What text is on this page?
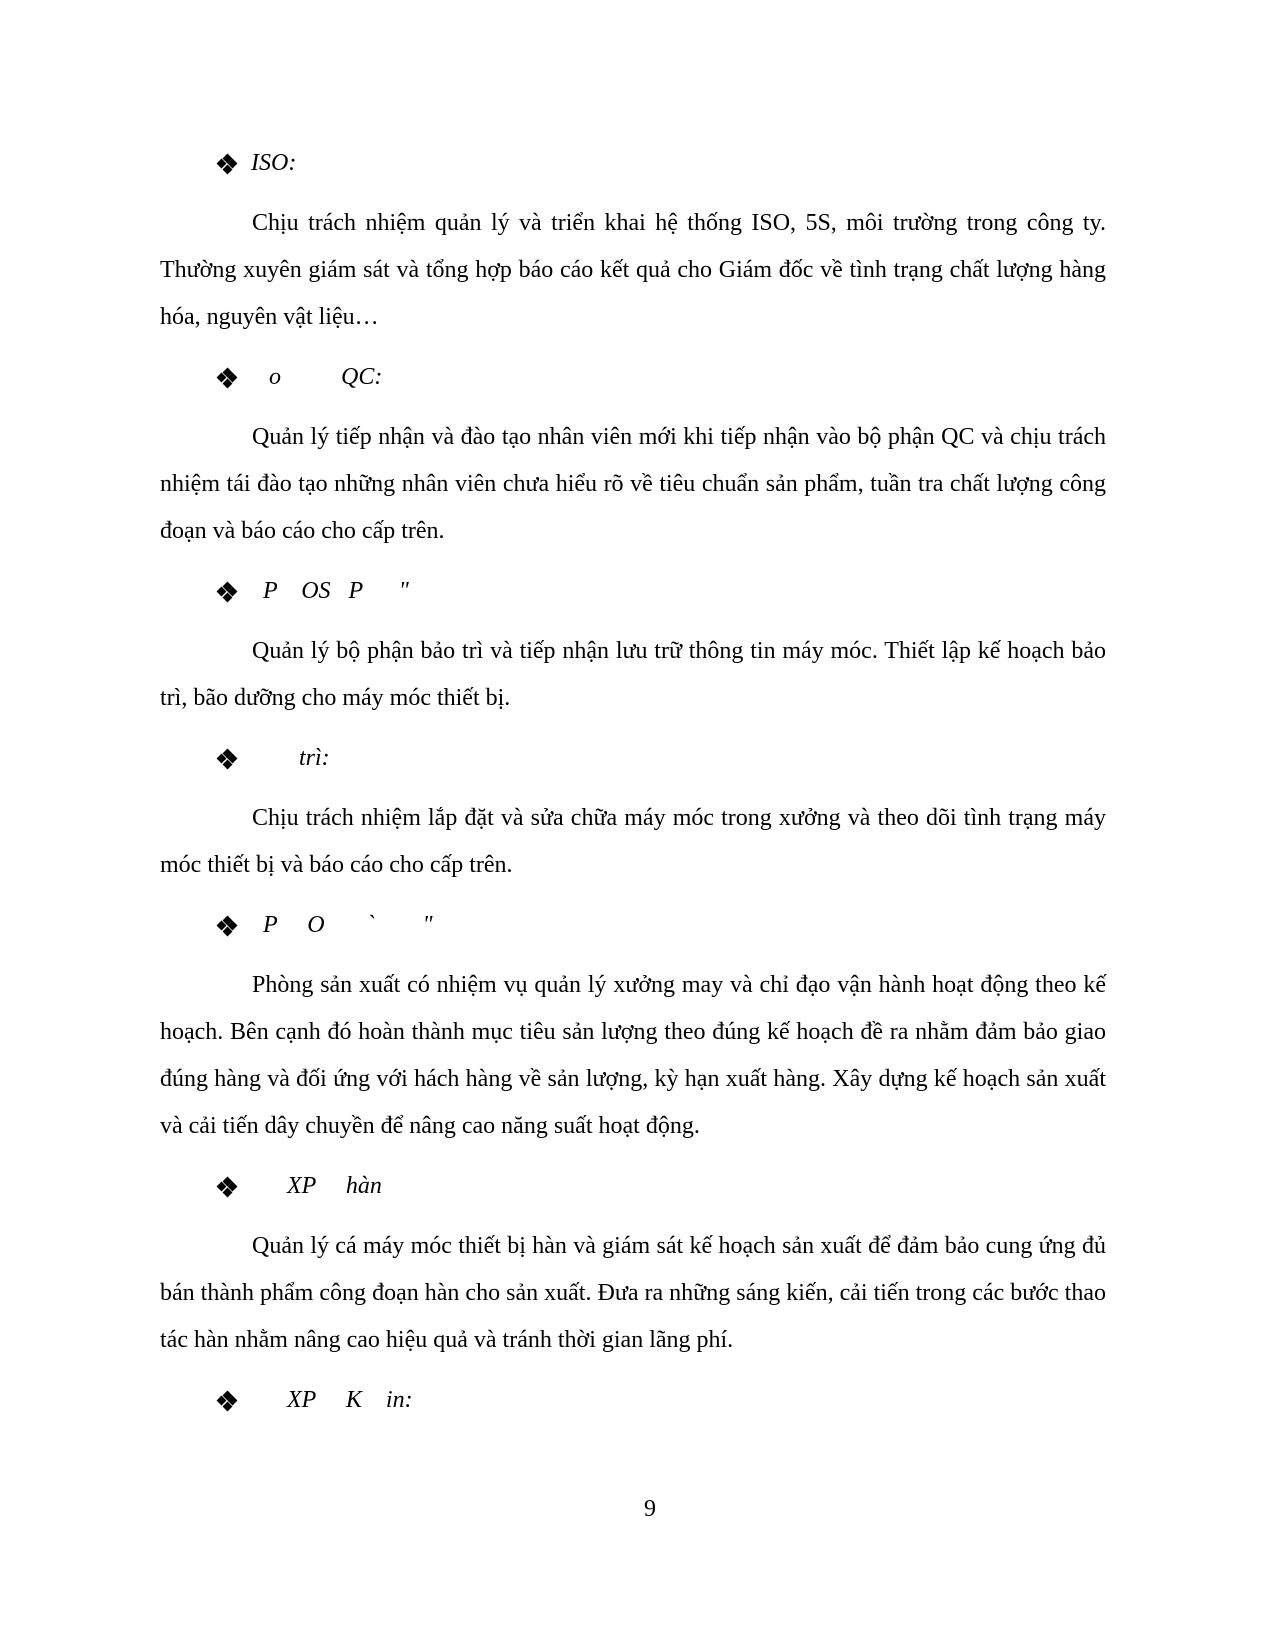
ISO:

Chịu trách nhiệm quản lý và triển khai hệ thống ISO, 5S, môi trường trong công ty. Thường xuyên giám sát và tổng hợp báo cáo kết quả cho Giám đốc về tình trạng chất lượng hàng hóa, nguyên vật liệu…

o          QC:

Quản lý tiếp nhận và đào tạo nhân viên mới khi tiếp nhận vào bộ phận QC và chịu trách nhiệm tái đào tạo những nhân viên chưa hiểu rõ về tiêu chuẩn sản phẩm, tuần tra chất lượng công đoạn và báo cáo cho cấp trên.

P    OS   P      "

Quản lý bộ phận bảo trì và tiếp nhận lưu trữ thông tin máy móc. Thiết lập kế hoạch bảo trì, bão dưỡng cho máy móc thiết bị.

trì:

Chịu trách nhiệm lắp đặt và sửa chữa máy móc trong xưởng và theo dõi tình trạng máy móc thiết bị và báo cáo cho cấp trên.

P     O       `        "

Phòng sản xuất có nhiệm vụ quản lý xưởng may và chỉ đạo vận hành hoạt động theo kế hoạch. Bên cạnh đó hoàn thành mục tiêu sản lượng theo đúng kế hoạch đề ra nhằm đảm bảo giao đúng hàng và đối ứng với hách hàng về sản lượng, kỳ hạn xuất hàng. Xây dựng kế hoạch sản xuất và cải tiến dây chuyền để nâng cao năng suất hoạt động.

XP     hàn

Quản lý cá máy móc thiết bị hàn và giám sát kế hoạch sản xuất để đảm bảo cung ứng đủ bán thành phẩm công đoạn hàn cho sản xuất. Đưa ra những sáng kiến, cải tiến trong các bước thao tác hàn nhằm nâng cao hiệu quả và tránh thời gian lãng phí.

XP     K    in:
9
